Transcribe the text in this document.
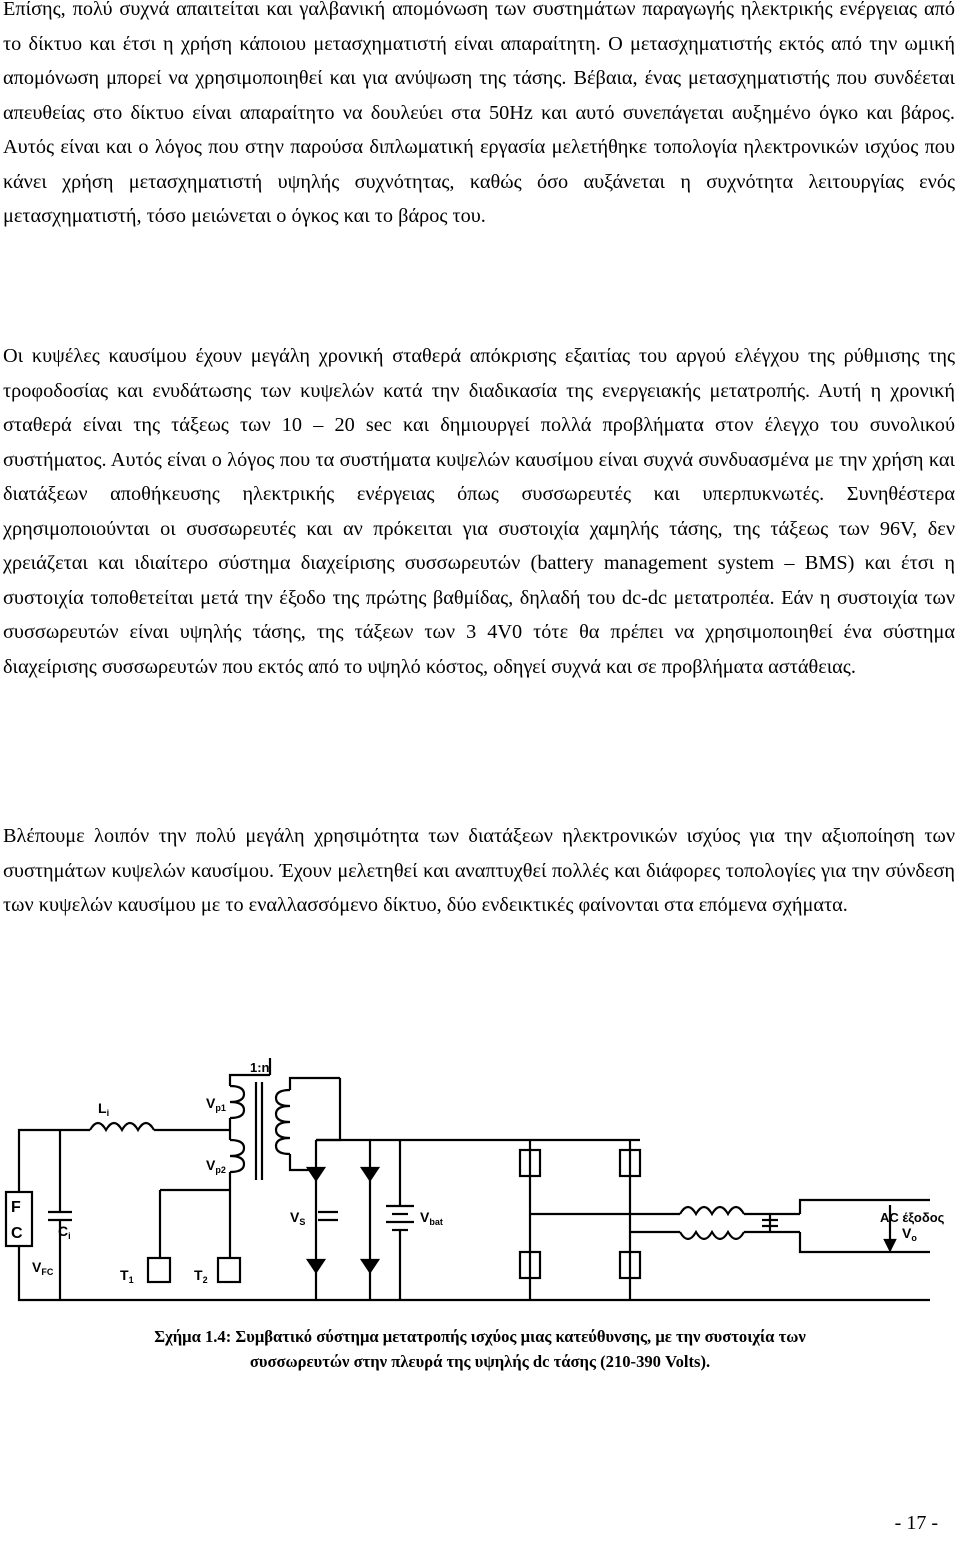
Επίσης, πολύ συχνά απαιτείται και γαλβανική απομόνωση των συστημάτων παραγωγής ηλεκτρικής ενέργειας από το δίκτυο και έτσι η χρήση κάποιου μετασχηματιστή είναι απαραίτητη. Ο μετασχηματιστής εκτός από την ωμική απομόνωση μπορεί να χρησιμοποιηθεί και για ανύψωση της τάσης. Βέβαια, ένας μετασχηματιστής που συνδέεται απευθείας στο δίκτυο είναι απαραίτητο να δουλεύει στα 50Hz και αυτό συνεπάγεται αυξημένο όγκο και βάρος. Αυτός είναι και ο λόγος που στην παρούσα διπλωματική εργασία μελετήθηκε τοπολογία ηλεκτρονικών ισχύος που κάνει χρήση μετασχηματιστή υψηλής συχνότητας, καθώς όσο αυξάνεται η συχνότητα λειτουργίας ενός μετασχηματιστή, τόσο μειώνεται ο όγκος και το βάρος του.

Οι κυψέλες καυσίμου έχουν μεγάλη χρονική σταθερά απόκρισης εξαιτίας του αργού ελέγχου της ρύθμισης της τροφοδοσίας και ενυδάτωσης των κυψελών κατά την διαδικασία της ενεργειακής μετατροπής. Αυτή η χρονική σταθερά είναι της τάξεως των 10 – 20 sec και δημιουργεί πολλά προβλήματα στον έλεγχο του συνολικού συστήματος. Αυτός είναι ο λόγος που τα συστήματα κυψελών καυσίμου είναι συχνά συνδυασμένα με την χρήση και διατάξεων αποθήκευσης ηλεκτρικής ενέργειας όπως συσσωρευτές και υπερπυκνωτές. Συνηθέστερα χρησιμοποιούνται οι συσσωρευτές και αν πρόκειται για συστοιχία χαμηλής τάσης, της τάξεως των 96V, δεν χρειάζεται και ιδιαίτερο σύστημα διαχείρισης συσσωρευτών (battery management system – BMS) και έτσι η συστοιχία τοποθετείται μετά την έξοδο της πρώτης βαθμίδας, δηλαδή του dc-dc μετατροπέα. Εάν η συστοιχία των συσσωρευτών είναι υψηλής τάσης, της τάξεων των 3 4V0 τότε θα πρέπει να χρησιμοποιηθεί ένα σύστημα διαχείρισης συσσωρευτών που εκτός από το υψηλό κόστος, οδηγεί συχνά και σε προβλήματα αστάθειας.

Βλέπουμε λοιπόν την πολύ μεγάλη χρησιμότητα των διατάξεων ηλεκτρονικών ισχύος για την αξιοποίηση των συστημάτων κυψελών καυσίμου. Έχουν μελετηθεί και αναπτυχθεί πολλές και διάφορες τοπολογίες για την σύνδεση των κυψελών καυσίμου με το εναλλασσόμενο δίκτυο, δύο ενδεικτικές φαίνονται στα επόμενα σχήματα.

1:n
$L_i$
$V_{p1}$
$V_{p2}$
F
C	$C_i$
$V_{FC}$	$T_1$	$T_2$
$V_S$	$V_{bat}$	AC έξοδος
$V_o$

Σχήμα 1.4: Συμβατικό σύστημα μετατροπής ισχύος μιας κατεύθυνσης, με την συστοιχία των

συσσωρευτών στην πλευρά της υψηλής dc τάσης (210-390 Volts).

- 17 -
